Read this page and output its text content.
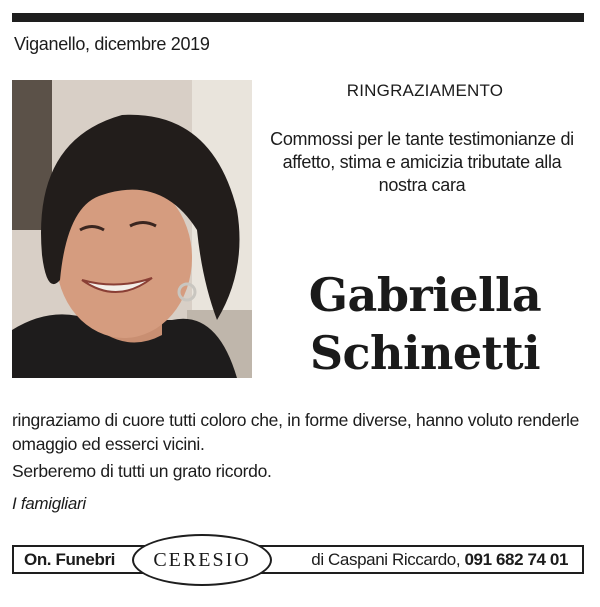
Viganello, dicembre 2019
RINGRAZIAMENTO
Commossi per le tante testimonianze di affetto, stima e amicizia tributate alla nostra cara
Gabriella
Schinetti
ringraziamo di cuore tutti coloro che, in forme diverse, hanno voluto renderle omaggio ed esserci vicini.
Serberemo di tutti un grato ricordo.
I famigliari
On. Funebri	di Caspani Riccardo, 091 682 74 01
CERESIO
